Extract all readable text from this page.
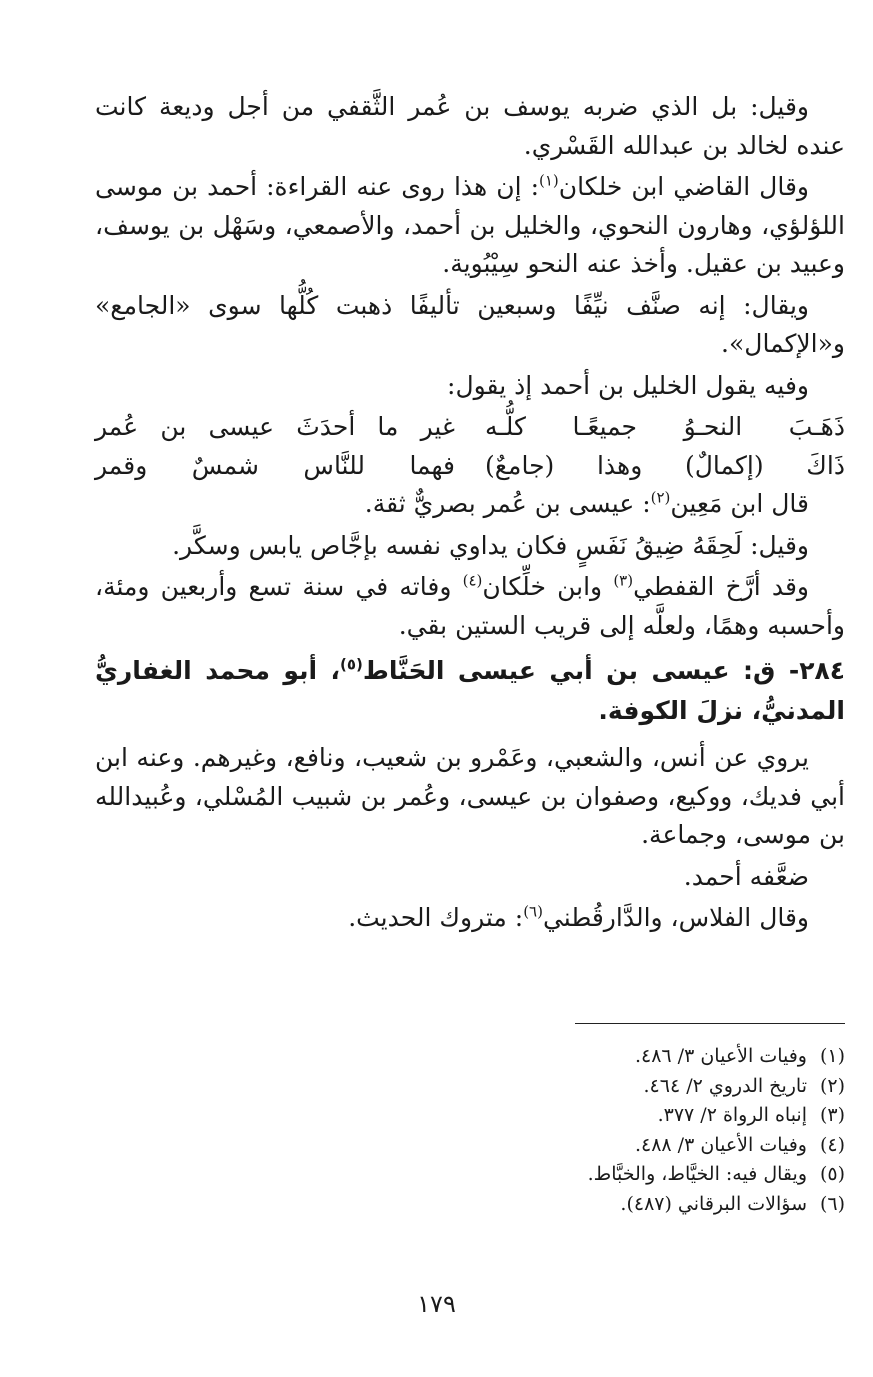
وقيل: بل الذي ضربه يوسف بن عُمر الثَّقفي من أجل وديعة كانت عنده لخالد بن عبدالله القَسْري.

وقال القاضي ابن خلكان$^{(١)}$: إن هذا روى عنه القراءة: أحمد بن موسى اللؤلؤي، وهارون النحوي، والخليل بن أحمد، والأصمعي، وسَهْل بن يوسف، وعبيد بن عقيل. وأخذ عنه النحو سِيْبُوية.

ويقال: إنه صنَّف نيِّفًا وسبعين تأليفًا ذهبت كُلُّها سوى «الجامع» و«الإكمال».

وفيه يقول الخليل بن أحمد إذ يقول:

ذَهَـبَ النحـوُ جميعًـا كلُّـه
غير ما أحدَثَ عيسى بن عُمر
ذَاكَ (إكمالٌ) وهذا (جامعٌ)
فهما للنَّاس شمسٌ وقمر

قال ابن مَعِين$^{(٢)}$: عيسى بن عُمر بصريٌّ ثقة.

وقيل: لَحِقَهُ ضِيقُ نَفَسٍ فكان يداوي نفسه بإجَّاص يابس وسكَّر.

وقد أرَّخ القفطي$^{(٣)}$ وابن خلِّكان$^{(٤)}$ وفاته في سنة تسع وأربعين ومئة، وأحسبه وهمًا، ولعلَّه إلى قريب الستين بقي.

٢٨٤- ق: عيسى بن أبي عيسى الحَنَّاط$^{(٥)}$، أبو محمد الغفاريُّ المدنيُّ، نزلَ الكوفة.

يروي عن أنس، والشعبي، وعَمْرو بن شعيب، ونافع، وغيرهم. وعنه ابن أبي فديك، ووكيع، وصفوان بن عيسى، وعُمر بن شبيب المُسْلي، وعُبيدالله بن موسى، وجماعة.

ضعَّفه أحمد.

وقال الفلاس، والدَّارقُطني$^{(٦)}$: متروك الحديث.

(١)
وفيات الأعيان ٣/ ٤٨٦.
(٢)
تاريخ الدروي ٢/ ٤٦٤.
(٣)
إنباه الرواة ٢/ ٣٧٧.
(٤)
وفيات الأعيان ٣/ ٤٨٨.
(٥)
ويقال فيه: الخيَّاط، والخبَّاط.
(٦)
سؤالات البرقاني (٤٨٧).
١٧٩
